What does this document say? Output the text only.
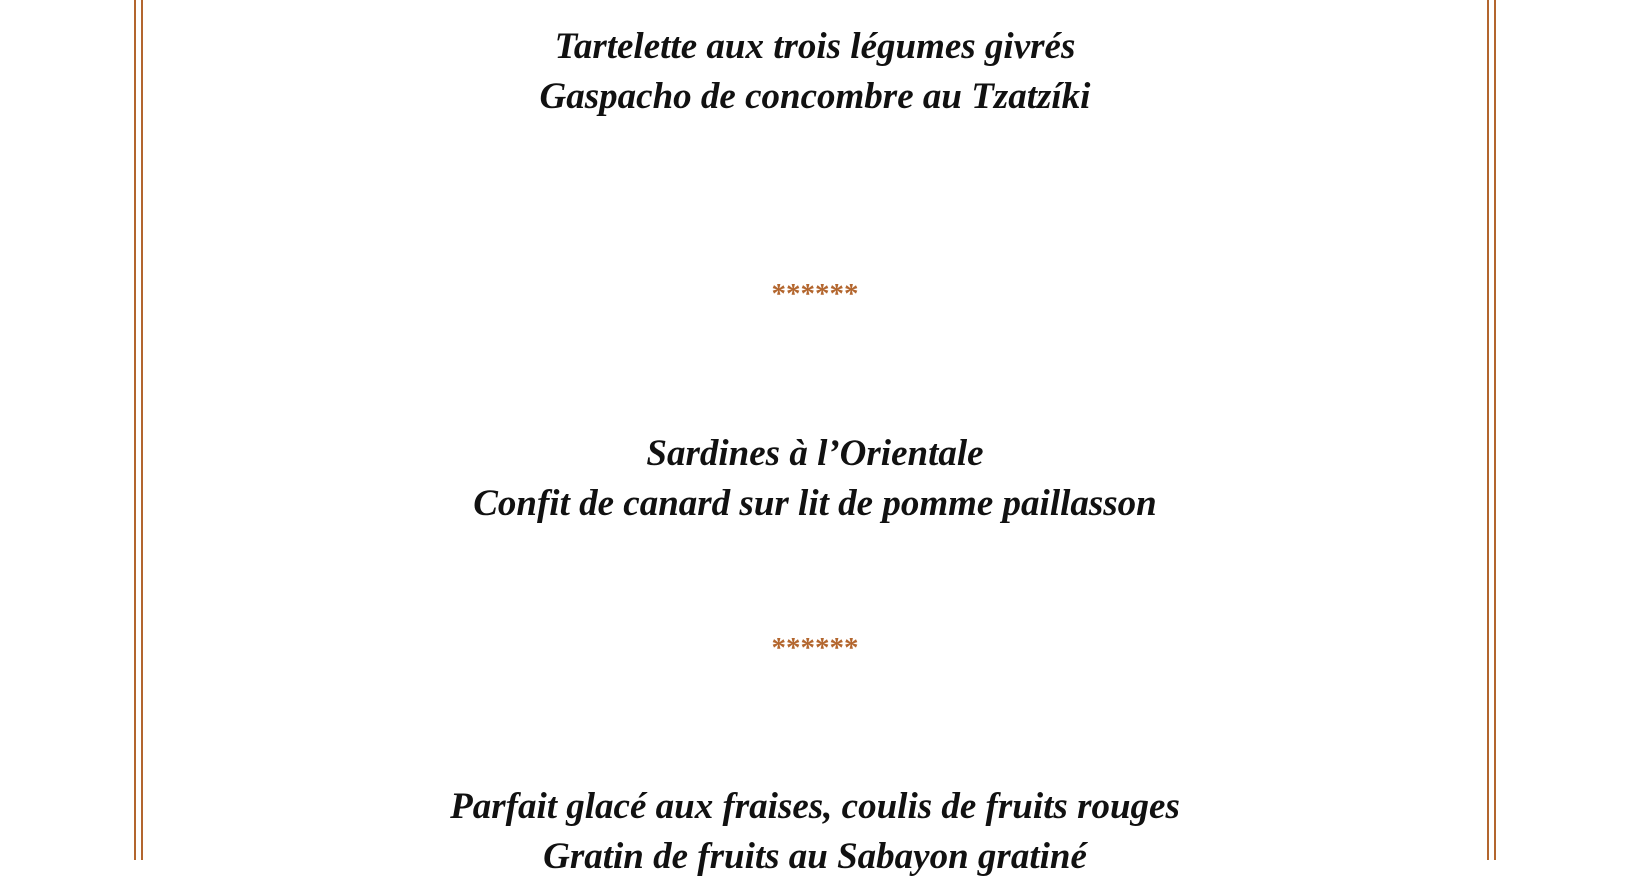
Tartelette aux trois légumes givrés
Gaspacho de concombre au Tzatzíki
******
Sardines à l’Orientale
Confit de canard sur lit de pomme paillasson
******
Parfait glacé aux fraises, coulis de fruits rouges
Gratin de fruits au Sabayon gratiné
